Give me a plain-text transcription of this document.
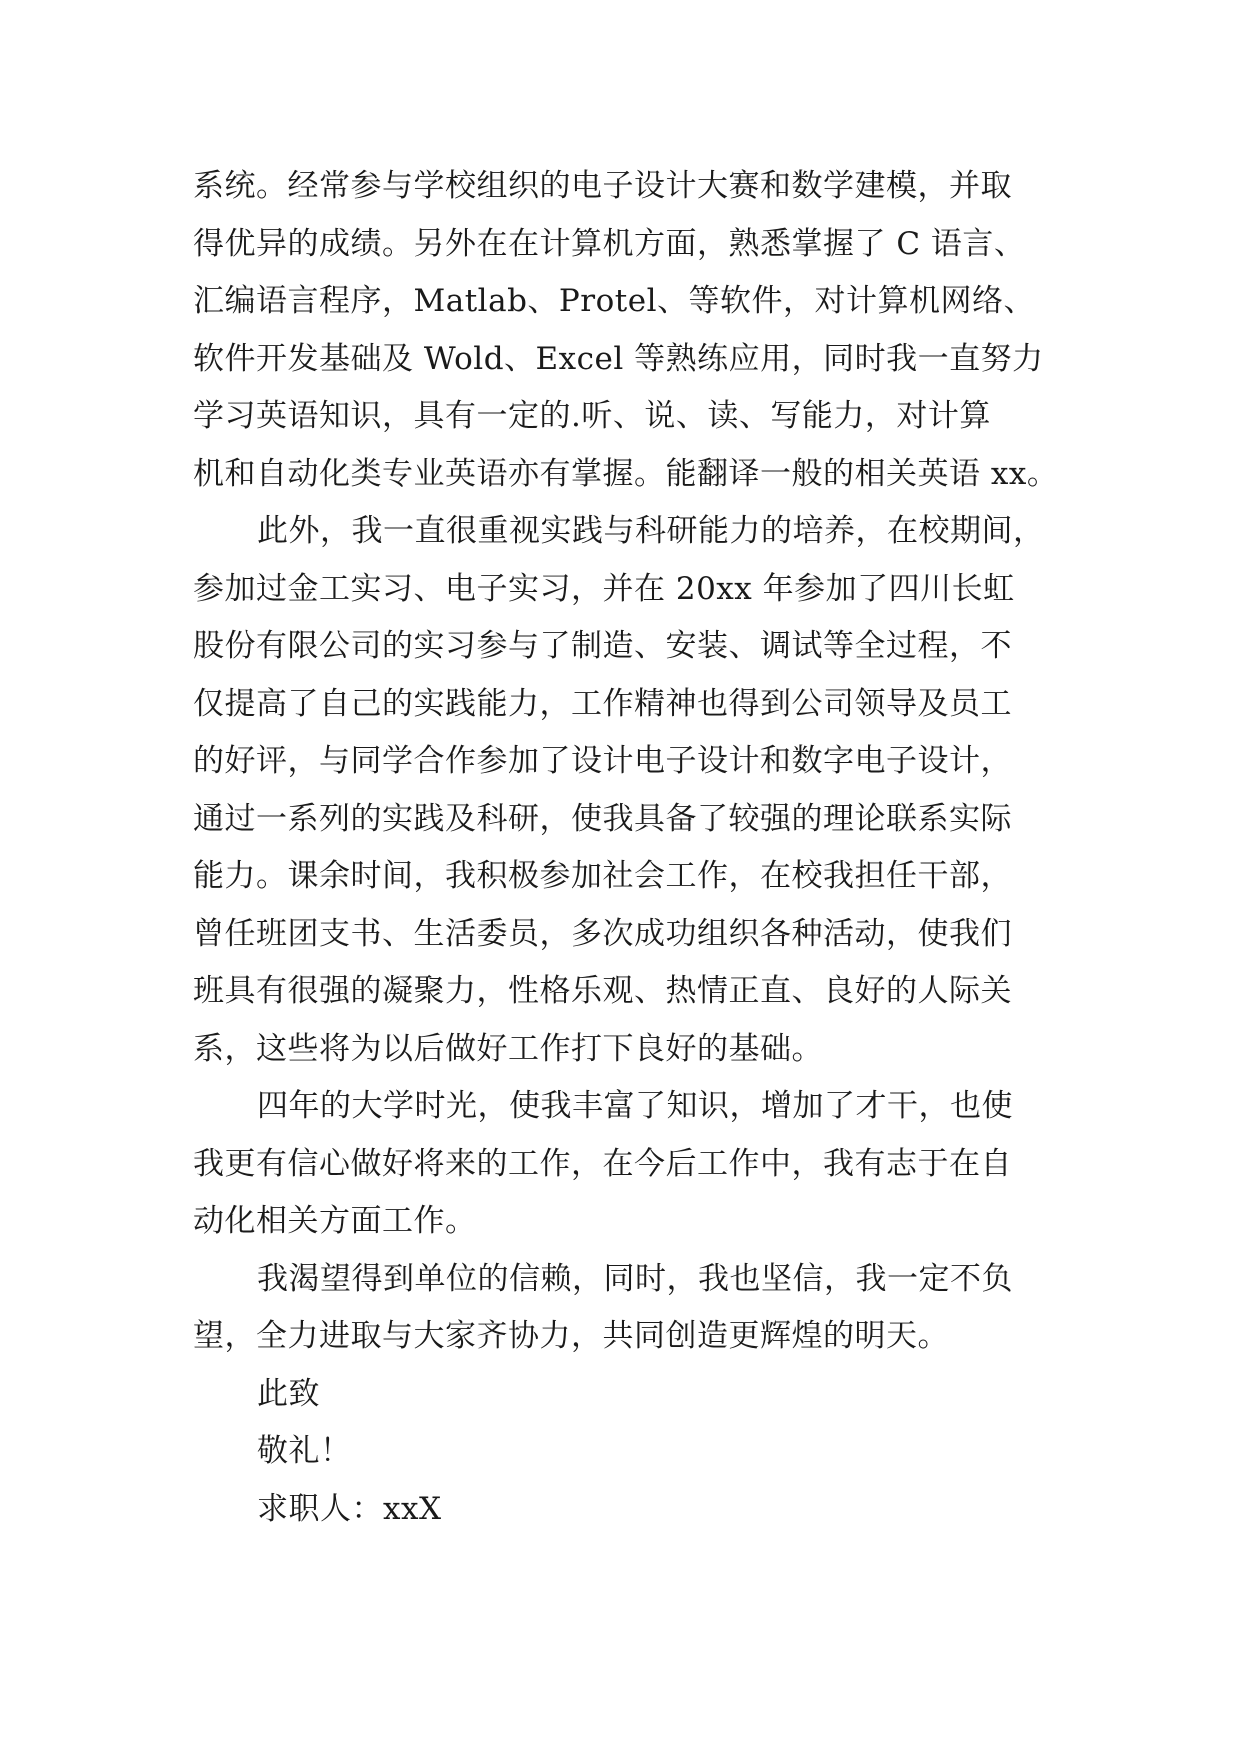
系统。经常参与学校组织的电子设计大赛和数学建模，并取
得优异的成绩。另外在在计算机方面，熟悉掌握了 C 语言、
汇编语言程序，Matlab、Protel、等软件，对计算机网络、
软件开发基础及 Wold、Excel 等熟练应用，同时我一直努力
学习英语知识，具有一定的.听、说、读、写能力，对计算
机和自动化类专业英语亦有掌握。能翻译一般的相关英语 xx。
此外，我一直很重视实践与科研能力的培养，在校期间，
参加过金工实习、电子实习，并在 20xx 年参加了四川长虹
股份有限公司的实习参与了制造、安装、调试等全过程，不
仅提高了自己的实践能力，工作精神也得到公司领导及员工
的好评，与同学合作参加了设计电子设计和数字电子设计，
通过一系列的实践及科研，使我具备了较强的理论联系实际
能力。课余时间，我积极参加社会工作，在校我担任干部，
曾任班团支书、生活委员，多次成功组织各种活动，使我们
班具有很强的凝聚力，性格乐观、热情正直、良好的人际关
系，这些将为以后做好工作打下良好的基础。
四年的大学时光，使我丰富了知识，增加了才干，也使
我更有信心做好将来的工作，在今后工作中，我有志于在自
动化相关方面工作。
我渴望得到单位的信赖，同时，我也坚信，我一定不负
望，全力进取与大家齐协力，共同创造更辉煌的明天。
此致
敬礼！
求职人：xxX
